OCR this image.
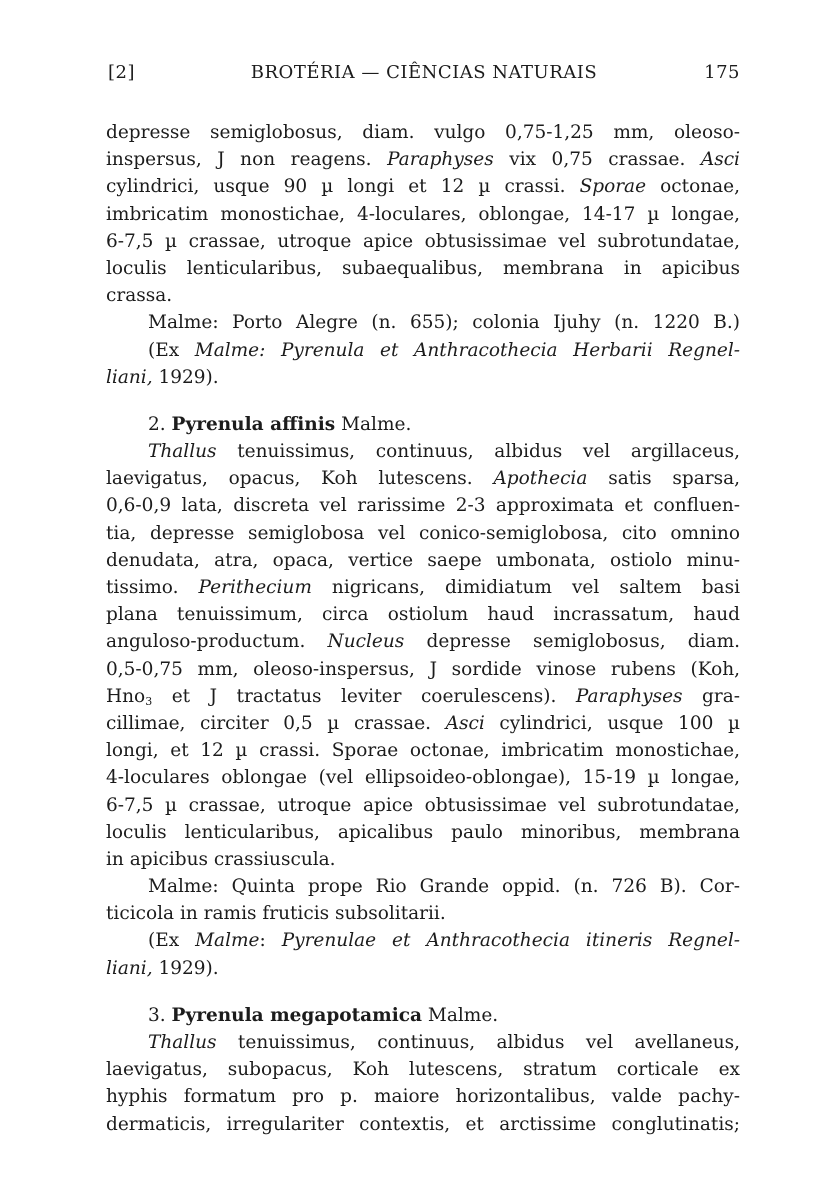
[2]	BROTÉRIA — CIÊNCIAS NATURAIS	175
depresse semiglobosus, diam. vulgo 0,75-1,25 mm, oleoso-
inspersus, J non reagens. Paraphyses vix 0,75 crassae. Asci
cylindrici, usque 90 µ longi et 12 µ crassi. Sporae octonae,
imbricatim monostichae, 4-loculares, oblongae, 14-17 µ longae,
6-7,5 µ crassae, utroque apice obtusissimae vel subrotundatae,
loculis lenticularibus, subaequalibus, membrana in apicibus
crassa.
Malme: Porto Alegre (n. 655); colonia Ijuhy (n. 1220 B.)
(Ex Malme: Pyrenula et Anthracothecia Herbarii Regnel-
liani, 1929).
2. Pyrenula affinis Malme.
Thallus tenuissimus, continuus, albidus vel argillaceus,
laevigatus, opacus, Koh lutescens. Apothecia satis sparsa,
0,6-0,9 lata, discreta vel rarissime 2-3 approximata et confluen-
tia, depresse semiglobosa vel conico-semiglobosa, cito omnino
denudata, atra, opaca, vertice saepe umbonata, ostiolo minu-
tissimo. Perithecium nigricans, dimidiatum vel saltem basi
plana tenuissimum, circa ostiolum haud incrassatum, haud
anguloso-productum. Nucleus depresse semiglobosus, diam.
0,5-0,75 mm, oleoso-inspersus, J sordide vinose rubens (Koh,
Hno$_3$ et J tractatus leviter coerulescens). Paraphyses gra-
cillimae, circiter 0,5 µ crassae. Asci cylindrici, usque 100 µ
longi, et 12 µ crassi. Sporae octonae, imbricatim monostichae,
4-loculares oblongae (vel ellipsoideo-oblongae), 15-19 µ longae,
6-7,5 µ crassae, utroque apice obtusissimae vel subrotundatae,
loculis lenticularibus, apicalibus paulo minoribus, membrana
in apicibus crassiuscula.
Malme: Quinta prope Rio Grande oppid. (n. 726 B). Cor-
ticicola in ramis fruticis subsolitarii.
(Ex Malme: Pyrenulae et Anthracothecia itineris Regnel-
liani, 1929).
3. Pyrenula megapotamica Malme.
Thallus tenuissimus, continuus, albidus vel avellaneus,
laevigatus, subopacus, Koh lutescens, stratum corticale ex
hyphis formatum pro p. maiore horizontalibus, valde pachy-
dermaticis, irregulariter contextis, et arctissime conglutinatis;
